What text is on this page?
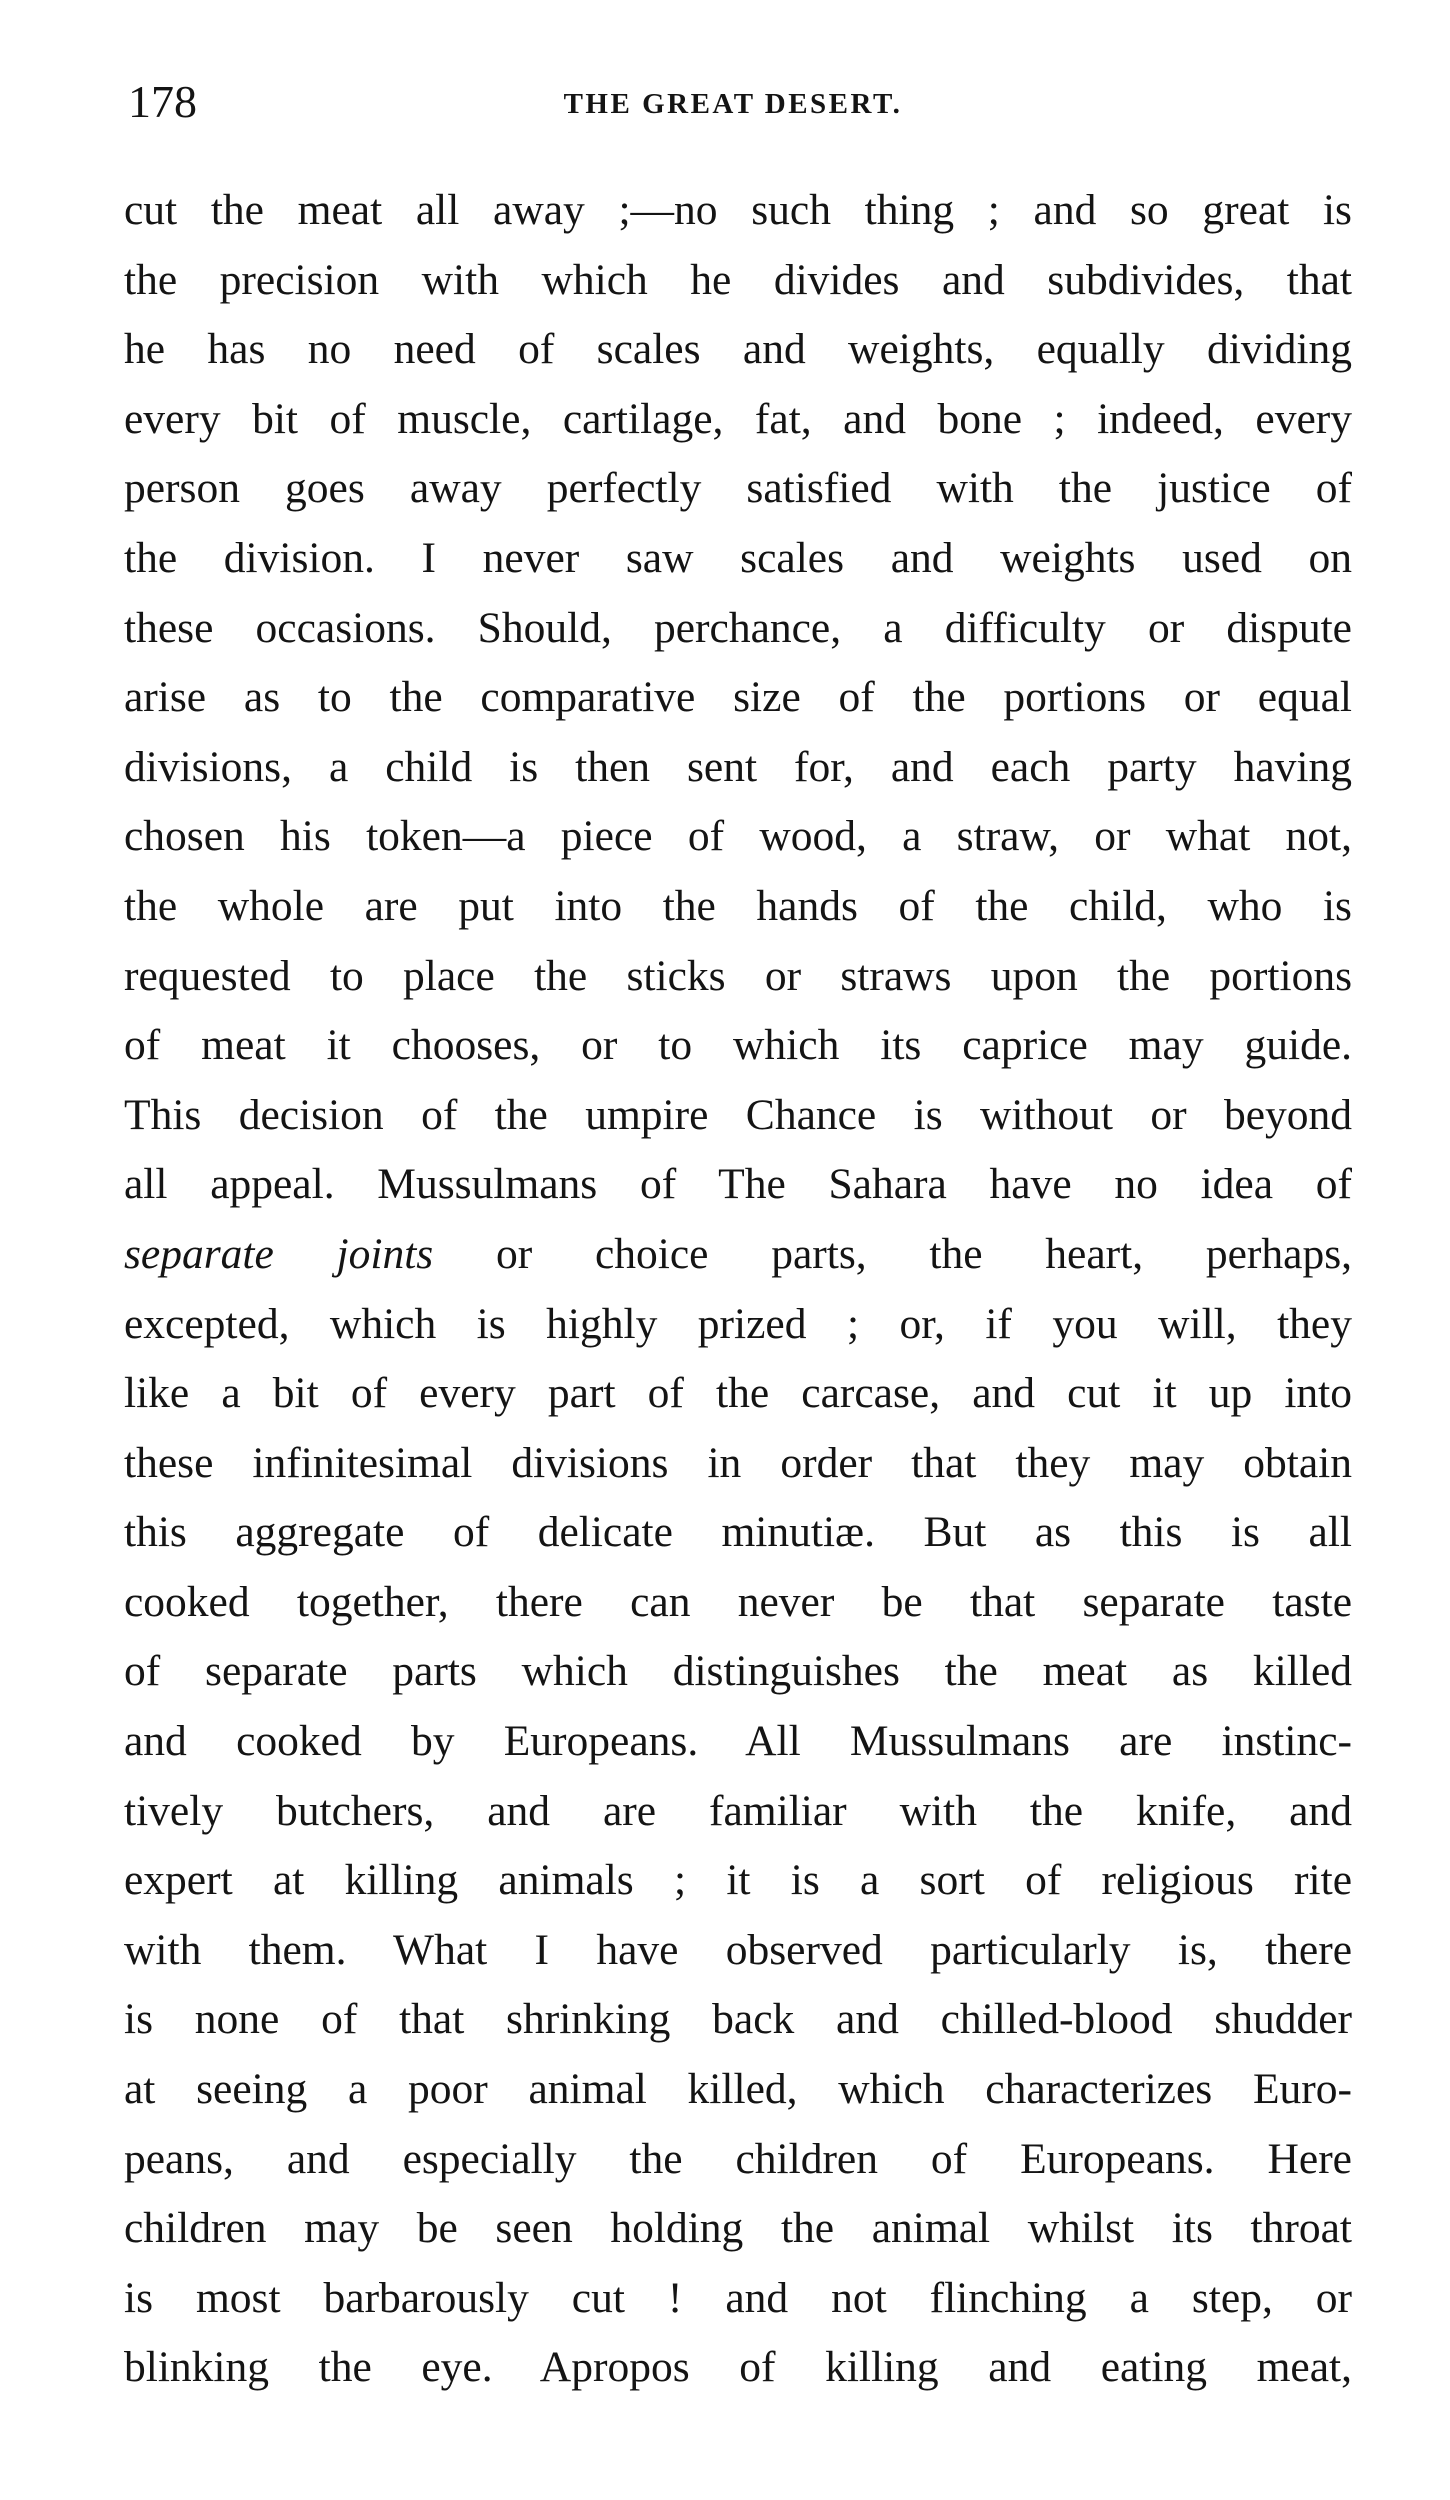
178	THE GREAT DESERT.
cut the meat all away ;—no such thing ; and so great is
the precision with which he divides and subdivides, that
he has no need of scales and weights, equally dividing
every bit of muscle, cartilage, fat, and bone ; indeed, every
person goes away perfectly satisfied with the justice of
the division. I never saw scales and weights used on
these occasions. Should, perchance, a difficulty or dispute
arise as to the comparative size of the portions or equal
divisions, a child is then sent for, and each party having
chosen his token—a piece of wood, a straw, or what not,
the whole are put into the hands of the child, who is
requested to place the sticks or straws upon the portions
of meat it chooses, or to which its caprice may guide.
This decision of the umpire Chance is without or beyond
all appeal. Mussulmans of The Sahara have no idea of
separate joints or choice parts, the heart, perhaps,
excepted, which is highly prized ; or, if you will, they
like a bit of every part of the carcase, and cut it up into
these infinitesimal divisions in order that they may obtain
this aggregate of delicate minutiæ. But as this is all
cooked together, there can never be that separate taste
of separate parts which distinguishes the meat as killed
and cooked by Europeans. All Mussulmans are instinc-
tively butchers, and are familiar with the knife, and
expert at killing animals ; it is a sort of religious rite
with them. What I have observed particularly is, there
is none of that shrinking back and chilled-blood shudder
at seeing a poor animal killed, which characterizes Euro-
peans, and especially the children of Europeans. Here
children may be seen holding the animal whilst its throat
is most barbarously cut ! and not flinching a step, or
blinking the eye. Apropos of killing and eating meat,
